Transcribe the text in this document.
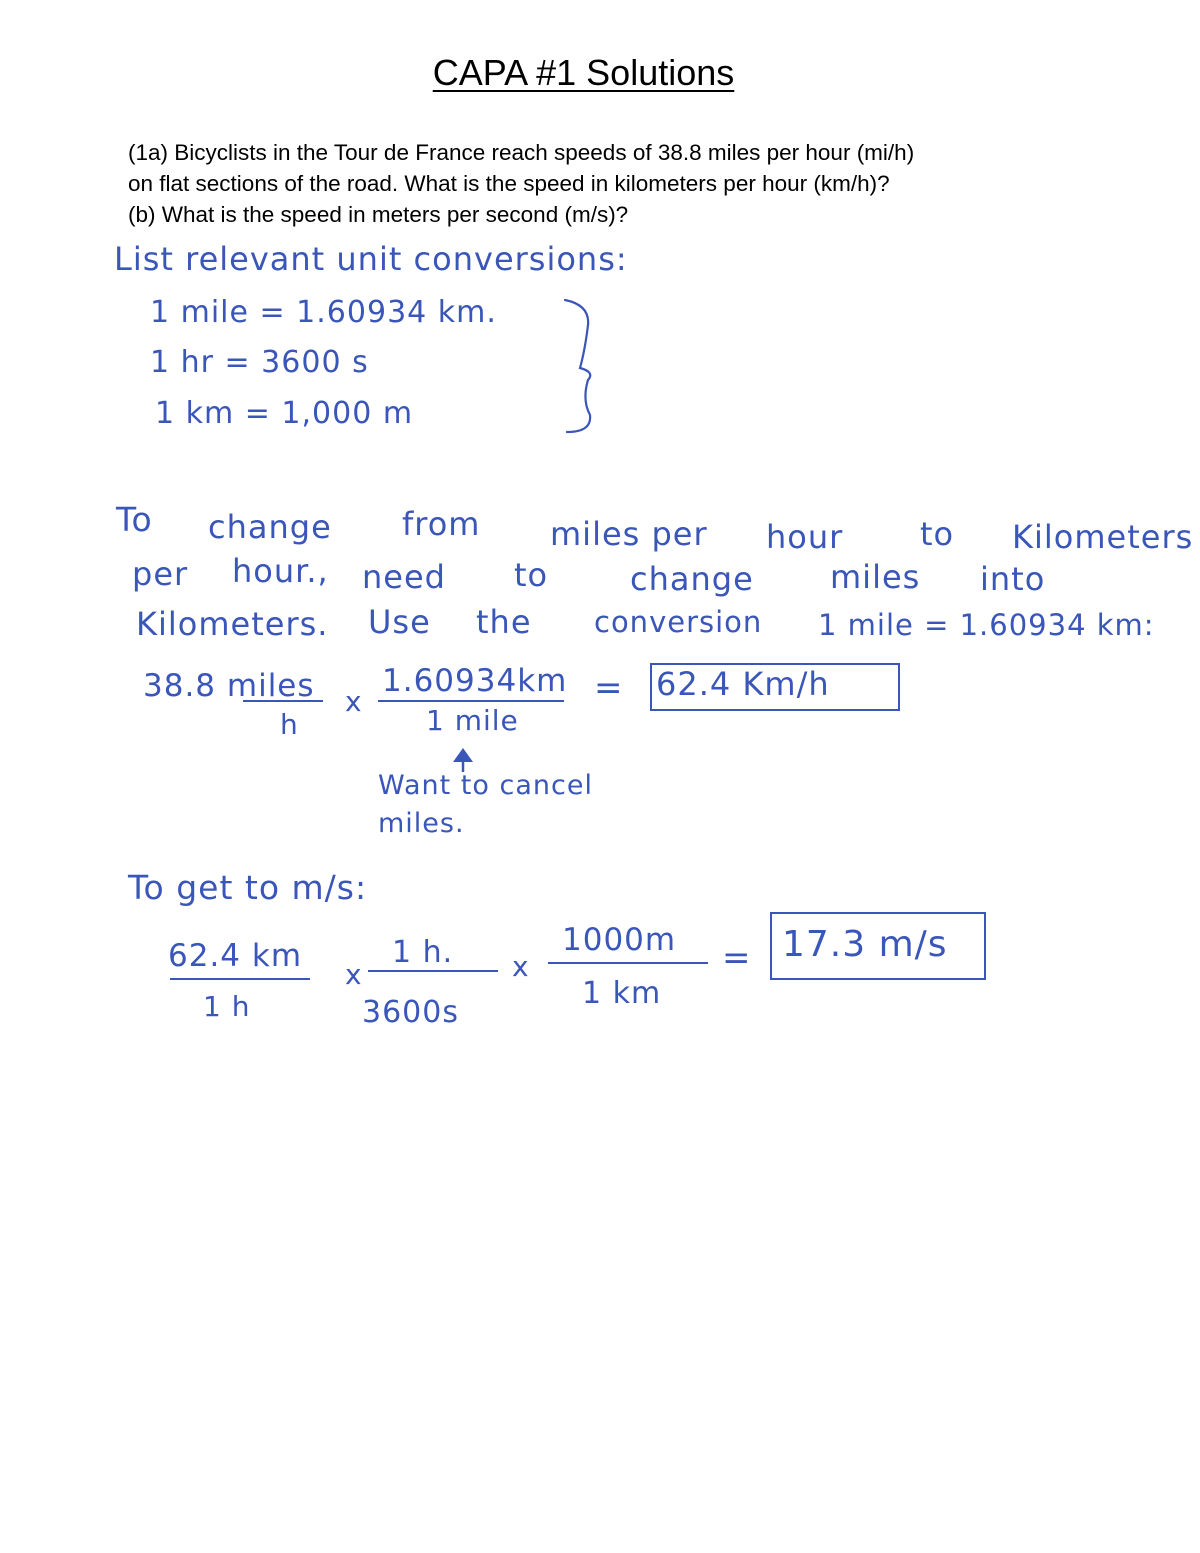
CAPA #1 Solutions
(1a) Bicyclists in the Tour de France reach speeds of 38.8 miles per hour (mi/h)
on flat sections of the road. What is the speed in kilometers per hour (km/h)?
(b) What is the speed in meters per second (m/s)?
List relevant unit conversions:
1 mile = 1.60934 km.
1 hr = 3600 s
1 km = 1,000 m
To change from miles per hour to Kilometers
per hour., need to	change miles into
Kilometers. Use the conversion 1 mile = 1.60934 km:
38.8 miles
h
x
1.60934km
1 mile
= 62.4 Km/h
Want to cancel
miles.
To get to m/s:
62.4 km
1 h
x
1 h.
3600s
x
1000m
1 km
= 17.3 m/s
